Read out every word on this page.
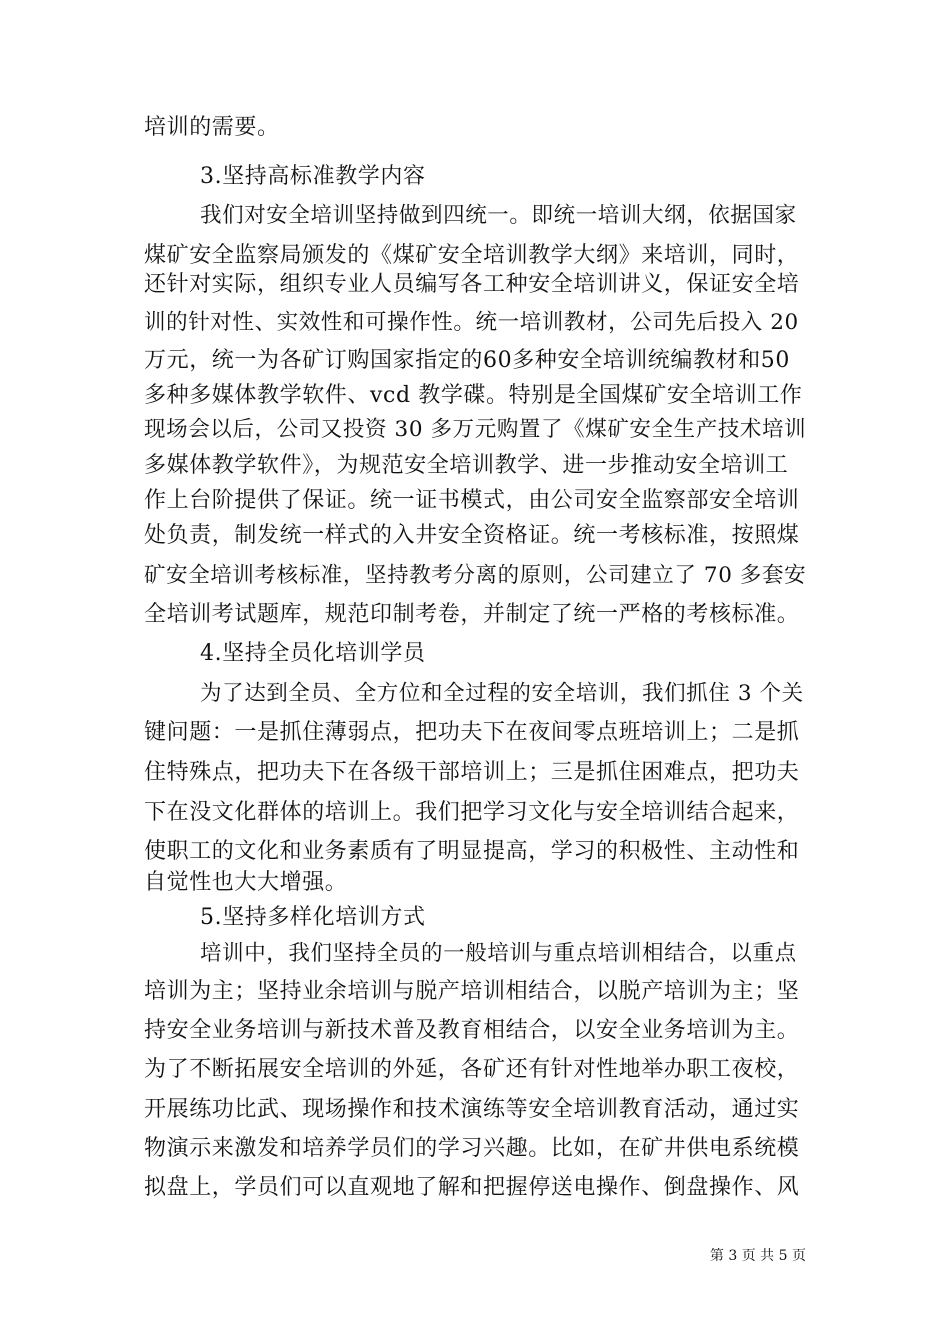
培训的需要。
3.坚持高标准教学内容
我们对安全培训坚持做到四统一。即统一培训大纲，依据国家
煤矿安全监察局颁发的《煤矿安全培训教学大纲》来培训，同时，
还针对实际，组织专业人员编写各工种安全培训讲义，保证安全培
训的针对性、实效性和可操作性。统一培训教材，公司先后投入 20
万元，统一为各矿订购国家指定的60多种安全培训统编教材和50
多种多媒体教学软件、vcd 教学碟。特别是全国煤矿安全培训工作
现场会以后，公司又投资 30 多万元购置了《煤矿安全生产技术培训
多媒体教学软件》，为规范安全培训教学、进一步推动安全培训工
作上台阶提供了保证。统一证书模式，由公司安全监察部安全培训
处负责，制发统一样式的入井安全资格证。统一考核标准，按照煤
矿安全培训考核标准，坚持教考分离的原则，公司建立了 70 多套安
全培训考试题库，规范印制考卷，并制定了统一严格的考核标准。
4.坚持全员化培训学员
为了达到全员、全方位和全过程的安全培训，我们抓住 3 个关
键问题：一是抓住薄弱点，把功夫下在夜间零点班培训上；二是抓
住特殊点，把功夫下在各级干部培训上；三是抓住困难点，把功夫
下在没文化群体的培训上。我们把学习文化与安全培训结合起来，
使职工的文化和业务素质有了明显提高，学习的积极性、主动性和
自觉性也大大增强。
5.坚持多样化培训方式
培训中，我们坚持全员的一般培训与重点培训相结合，以重点
培训为主；坚持业余培训与脱产培训相结合，以脱产培训为主；坚
持安全业务培训与新技术普及教育相结合，以安全业务培训为主。
为了不断拓展安全培训的外延，各矿还有针对性地举办职工夜校，
开展练功比武、现场操作和技术演练等安全培训教育活动，通过实
物演示来激发和培养学员们的学习兴趣。比如，在矿井供电系统模
拟盘上，学员们可以直观地了解和把握停送电操作、倒盘操作、风
第 3 页 共 5 页
